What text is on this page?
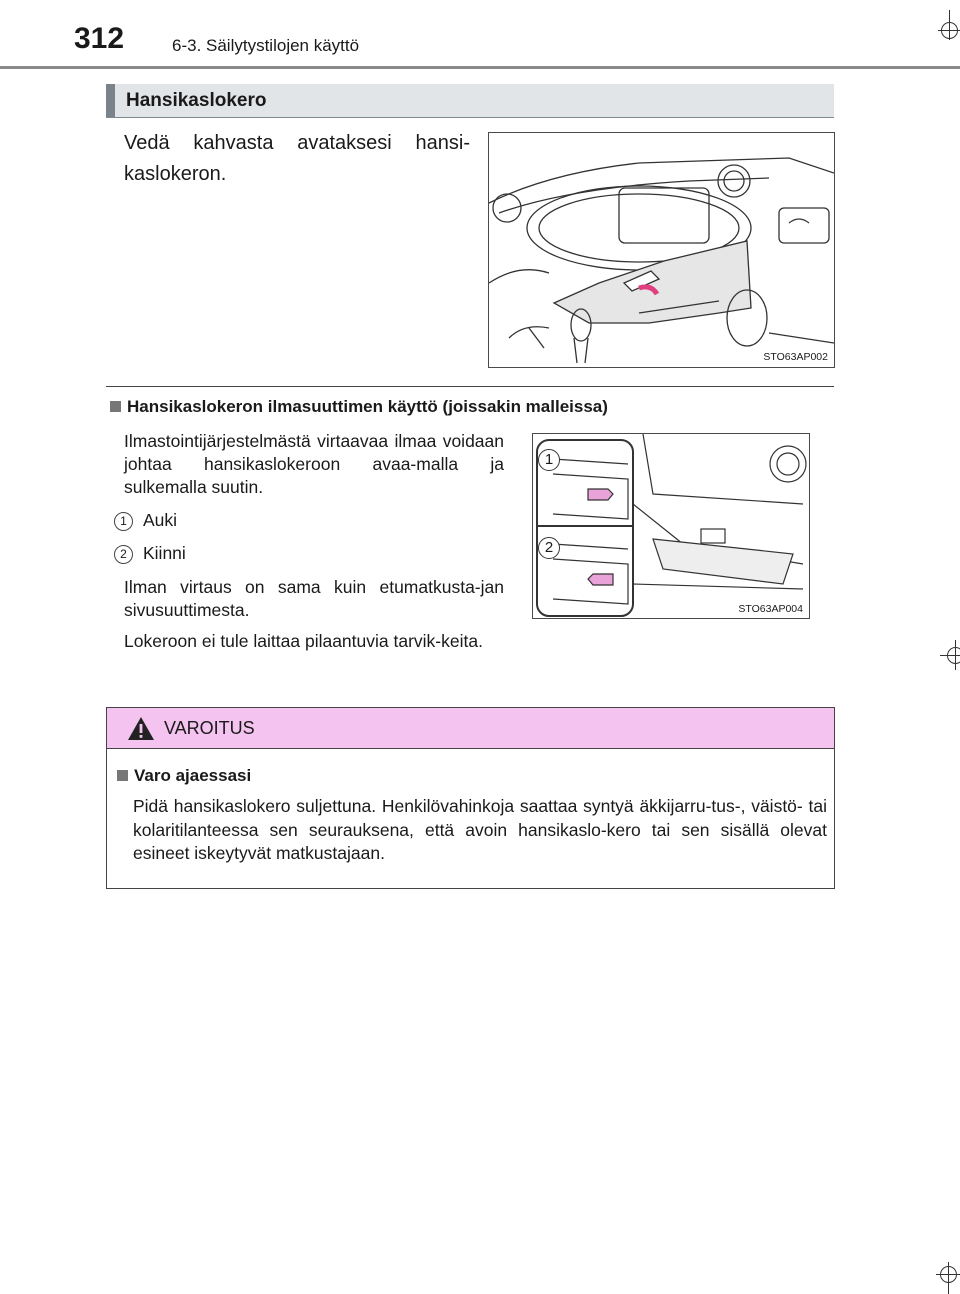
312	6-3. Säilytystilojen käyttö
Hansikaslokero
Vedä kahvasta avataksesi hansi-kaslokeron.
STO63AP002
Hansikaslokeron ilmasuuttimen käyttö (joissakin malleissa)
Ilmastointijärjestelmästä virtaavaa ilmaa voidaan johtaa hansikaslokeroon avaa-malla ja sulkemalla suutin.
1 Auki
2 Kiinni
Ilman virtaus on sama kuin etumatkusta-jan sivusuuttimesta.
Lokeroon ei tule laittaa pilaantuvia tarvik-keita.
1
2
STO63AP004
VAROITUS
Varo ajaessasi
Pidä hansikaslokero suljettuna. Henkilövahinkoja saattaa syntyä äkkijarru-tus-, väistö- tai kolaritilanteessa sen seurauksena, että avoin hansikaslo-kero tai sen sisällä olevat esineet iskeytyvät matkustajaan.
